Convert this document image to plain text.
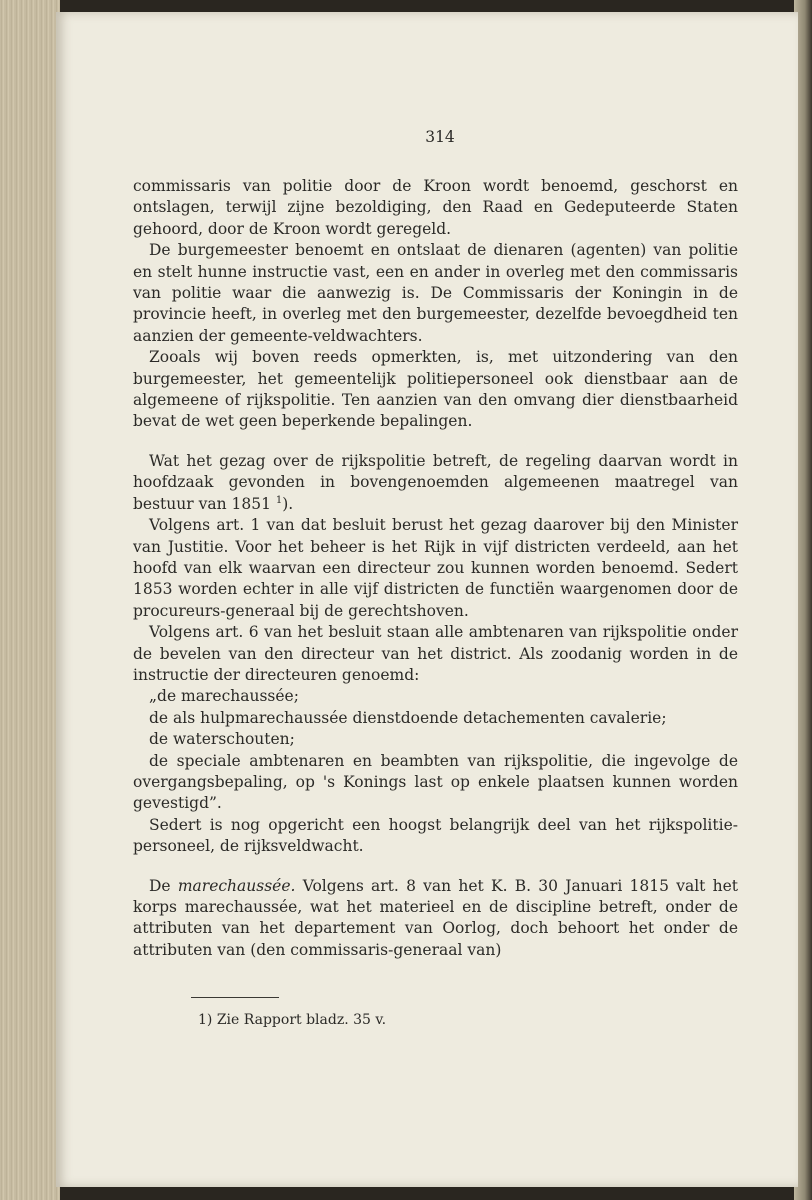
314

commissaris van politie door de Kroon wordt benoemd, geschorst en ontslagen, terwijl zijne bezoldiging, den Raad en Gedeputeerde Staten gehoord, door de Kroon wordt geregeld.

De burgemeester benoemt en ontslaat de dienaren (agenten) van politie en stelt hunne instructie vast, een en ander in overleg met den commissaris van politie waar die aanwezig is. De Commissaris der Koningin in de provincie heeft, in overleg met den burgemeester, dezelfde bevoegdheid ten aanzien der gemeente-veldwachters.

Zooals wij boven reeds opmerkten, is, met uitzondering van den burgemeester, het gemeentelijk politiepersoneel ook dienstbaar aan de algemeene of rijkspolitie. Ten aanzien van den omvang dier dienstbaarheid bevat de wet geen beperkende bepalingen.

Wat het gezag over de rijkspolitie betreft, de regeling daarvan wordt in hoofdzaak gevonden in bovengenoemden algemeenen maatregel van bestuur van 1851 $^1$).

Volgens art. 1 van dat besluit berust het gezag daarover bij den Minister van Justitie. Voor het beheer is het Rijk in vijf districten verdeeld, aan het hoofd van elk waarvan een directeur zou kunnen worden benoemd. Sedert 1853 worden echter in alle vijf districten de functiën waargenomen door de procureurs-generaal bij de gerechtshoven.

Volgens art. 6 van het besluit staan alle ambtenaren van rijkspolitie onder de bevelen van den directeur van het district. Als zoodanig worden in de instructie der directeuren genoemd:

„de marechaussée;

de als hulpmarechaussée dienstdoende detachementen cavalerie;

de waterschouten;

de speciale ambtenaren en beambten van rijkspolitie, die ingevolge de overgangsbepaling, op 's Konings last op enkele plaatsen kunnen worden gevestigd”.

Sedert is nog opgericht een hoogst belangrijk deel van het rijkspolitie-personeel, de rijksveldwacht.

De marechaussée. Volgens art. 8 van het K. B. 30 Januari 1815 valt het korps marechaussée, wat het materieel en de discipline betreft, onder de attributen van het departement van Oorlog, doch behoort het onder de attributen van (den commissaris-generaal van)

1) Zie Rapport bladz. 35 v.
